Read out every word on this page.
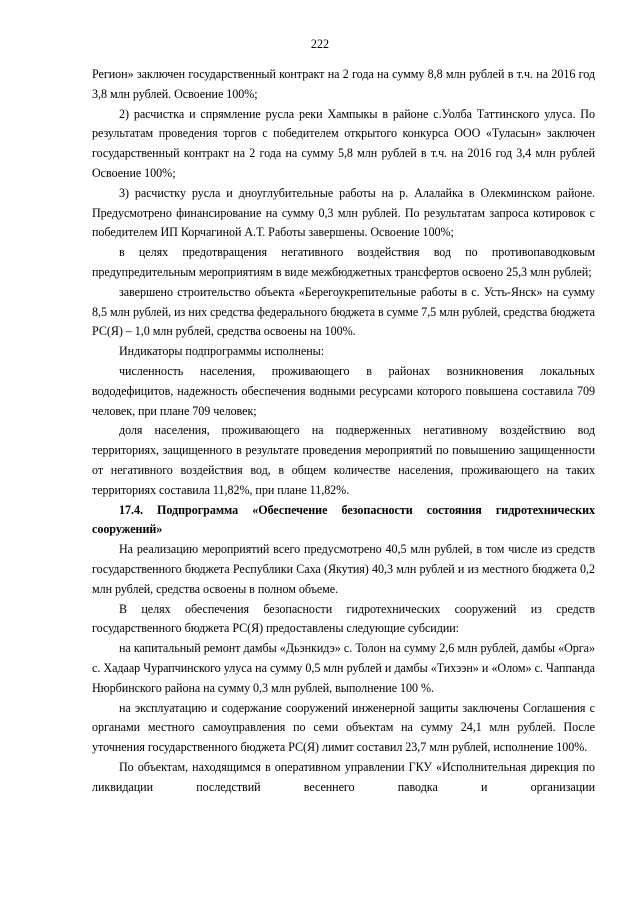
222

Регион» заключен государственный контракт на 2 года на сумму 8,8 млн рублей в т.ч. на 2016 год 3,8 млн рублей. Освоение 100%;

2) расчистка и спрямление русла реки Хампыкы в районе с.Уолба Таттинского улуса. По результатам проведения торгов с победителем открытого конкурса ООО «Туласын» заключен государственный контракт на 2 года на сумму 5,8 млн рублей в т.ч. на 2016 год 3,4 млн рублей Освоение 100%;

3) расчистку русла и дноуглубительные работы на р. Алалайка в Олекминском районе. Предусмотрено финансирование на сумму 0,3 млн рублей. По результатам запроса котировок с победителем ИП Корчагиной А.Т. Работы завершены. Освоение 100%;

в целях предотвращения негативного воздействия вод по противопаводковым предупредительным мероприятиям в виде межбюджетных трансфертов освоено 25,3 млн рублей;

завершено строительство объекта «Берегоукрепительные работы в с. Усть-Янск» на сумму 8,5 млн рублей, из них средства федерального бюджета в сумме 7,5 млн рублей, средства бюджета РС(Я) – 1,0 млн рублей, средства освоены на 100%.

Индикаторы подпрограммы исполнены:

численность населения, проживающего в районах возникновения локальных вододефицитов, надежность обеспечения водными ресурсами которого повышена составила 709 человек, при плане 709 человек;

доля населения, проживающего на подверженных негативному воздействию вод территориях, защищенного в результате проведения мероприятий по повышению защищенности от негативного воздействия вод, в общем количестве населения, проживающего на таких территориях составила 11,82%, при плане 11,82%.

17.4. Подпрограмма «Обеспечение безопасности состояния гидротехнических сооружений»

На реализацию мероприятий всего предусмотрено 40,5 млн рублей, в том числе из средств государственного бюджета Республики Саха (Якутия) 40,3 млн рублей и из местного бюджета 0,2 млн рублей, средства освоены в полном объеме.

В целях обеспечения безопасности гидротехнических сооружений из средств государственного бюджета РС(Я) предоставлены следующие субсидии:

на капитальный ремонт дамбы «Дьэнкидэ» с. Толон на сумму 2,6 млн рублей, дамбы «Орга» с. Хадаар Чурапчинского улуса на сумму 0,5 млн рублей и дамбы «Тихээн» и «Олом» с. Чаппанда Нюрбинского района на сумму 0,3 млн рублей, выполнение 100 %.

на эксплуатацию и содержание сооружений инженерной защиты заключены Соглашения с органами местного самоуправления по семи объектам на сумму 24,1 млн рублей. После уточнения государственного бюджета РС(Я) лимит составил 23,7 млн рублей, исполнение 100%.

По объектам, находящимся в оперативном управлении ГКУ «Исполнительная дирекция по ликвидации последствий весеннего паводка и организации
